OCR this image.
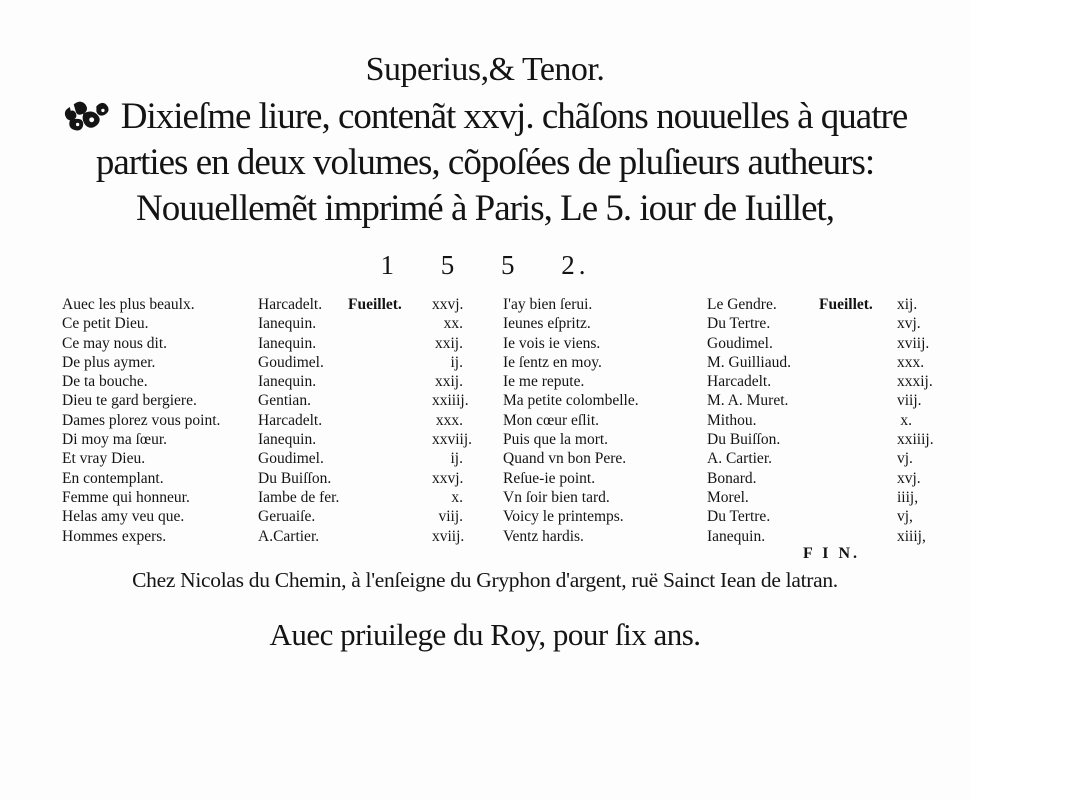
Superius,& Tenor.
Dixieſme liure, contenãt xxvj. chãſons nouuelles à quatre
parties en deux volumes, cõpoſées de pluſieurs autheurs:
Nouuellemẽt imprimé à Paris, Le 5. iour de Iuillet,
1 5 5 2.
Auec les plus beaulx.	Harcadelt.	Fueillet.	xxvj.
Ce petit Dieu.	Ianequin.	xx.
Ce may nous dit.	Ianequin.	xxij.
De plus aymer.	Goudimel.	ij.
De ta bouche.	Ianequin.	xxij.
Dieu te gard bergiere.	Gentian.	xxiiij.
Dames plorez vous point.	Harcadelt.	xxx.
Di moy ma ſœur.	Ianequin.	xxviij.
Et vray Dieu.	Goudimel.	ij.
En contemplant.	Du Buiſſon.	xxvj.
Femme qui honneur.	Iambe de fer.	x.
Helas amy veu que.	Geruaiſe.	viij.
Hommes expers.	A.Cartier.	xviij.
I'ay bien ſerui.	Le Gendre.	Fueillet.	xij.
Ieunes eſpritz.	Du Tertre.	xvj.
Ie vois ie viens.	Goudimel.	xviij.
Ie ſentz en moy.	M. Guilliaud.	xxx.
Ie me repute.	Harcadelt.	xxxij.
Ma petite colombelle.	M. A. Muret.	viij.
Mon cœur eſlit.	Mithou.	x.
Puis que la mort.	Du Buiſſon.	xxiiij.
Quand vn bon Pere.	A. Cartier.	vj.
Reſue-ie point.	Bonard.	xvj.
Vn ſoir bien tard.	Morel.	iiij,
Voicy le printemps.	Du Tertre.	vj,
Ventz hardis.	Ianequin.	xiiij,
F I N.
Chez Nicolas du Chemin, à l'enſeigne du Gryphon d'argent, ruë Sainct Iean de latran.
Auec priuilege du Roy, pour ſix ans.
